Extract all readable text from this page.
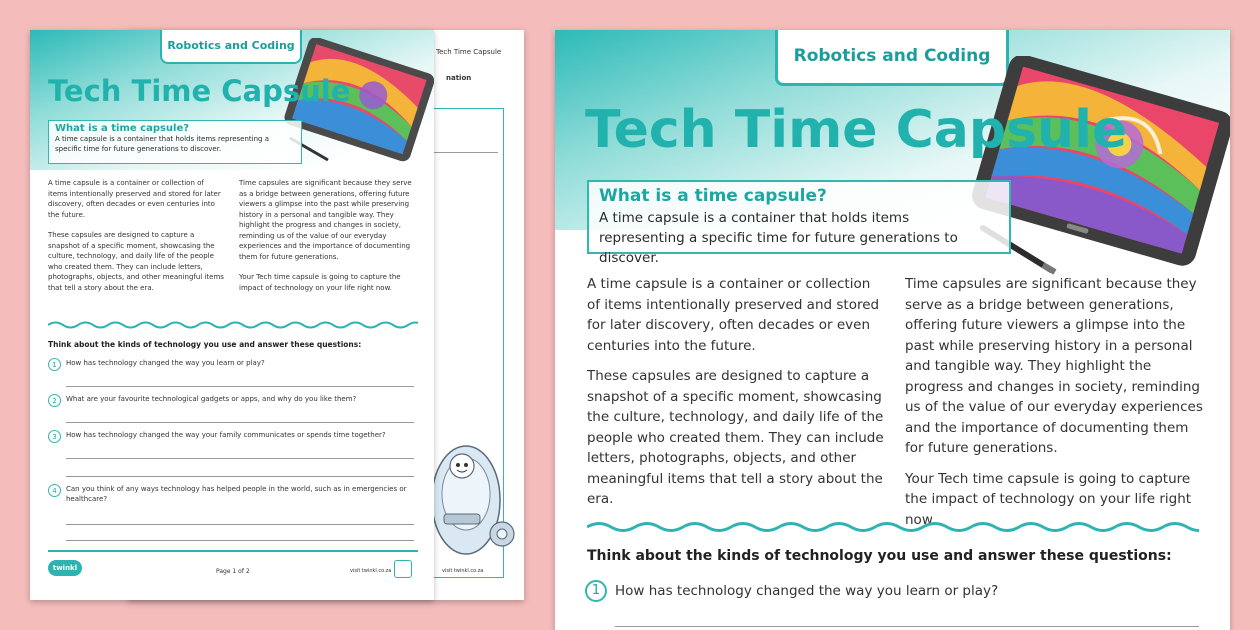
Tech Time Capsule
nation
visit twinkl.co.za
Robotics and Coding
Tech Time Capsule
What is a time capsule?

A time capsule is a container that holds items representing a specific time for future generations to discover.

A time capsule is a container or collection of items intentionally preserved and stored for later discovery, often decades or even centuries into the future.

These capsules are designed to capture a snapshot of a specific moment, showcasing the culture, technology, and daily life of the people who created them. They can include letters, photographs, objects, and other meaningful items that tell a story about the era.

Time capsules are significant because they serve as a bridge between generations, offering future viewers a glimpse into the past while preserving history in a personal and tangible way. They highlight the progress and changes in society, reminding us of the value of our everyday experiences and the importance of documenting them for future generations.

Your Tech time capsule is going to capture the impact of technology on your life right now.

Think about the kinds of technology you use and answer these questions:
1	How has technology changed the way you learn or play?
2	What are your favourite technological gadgets or apps, and why do you like them?
3	How has technology changed the way your family communicates or spends time together?
4	Can you think of any ways technology has helped people in the world, such as in emergencies or healthcare?
twinkl	Page 1 of 2	visit twinkl.co.za
Robotics and Coding
Tech Time Capsule
What is a time capsule?

A time capsule is a container that holds items representing a specific time for future generations to discover.

A time capsule is a container or collection of items intentionally preserved and stored for later discovery, often decades or even centuries into the future.

These capsules are designed to capture a snapshot of a specific moment, showcasing the culture, technology, and daily life of the people who created them. They can include letters, photographs, objects, and other meaningful items that tell a story about the era.

Time capsules are significant because they serve as a bridge between generations, offering future viewers a glimpse into the past while preserving history in a personal and tangible way. They highlight the progress and changes in society, reminding us of the value of our everyday experiences and the importance of documenting them for future generations.

Your Tech time capsule is going to capture the impact of technology on your life right now.

Think about the kinds of technology you use and answer these questions:
1	How has technology changed the way you learn or play?
